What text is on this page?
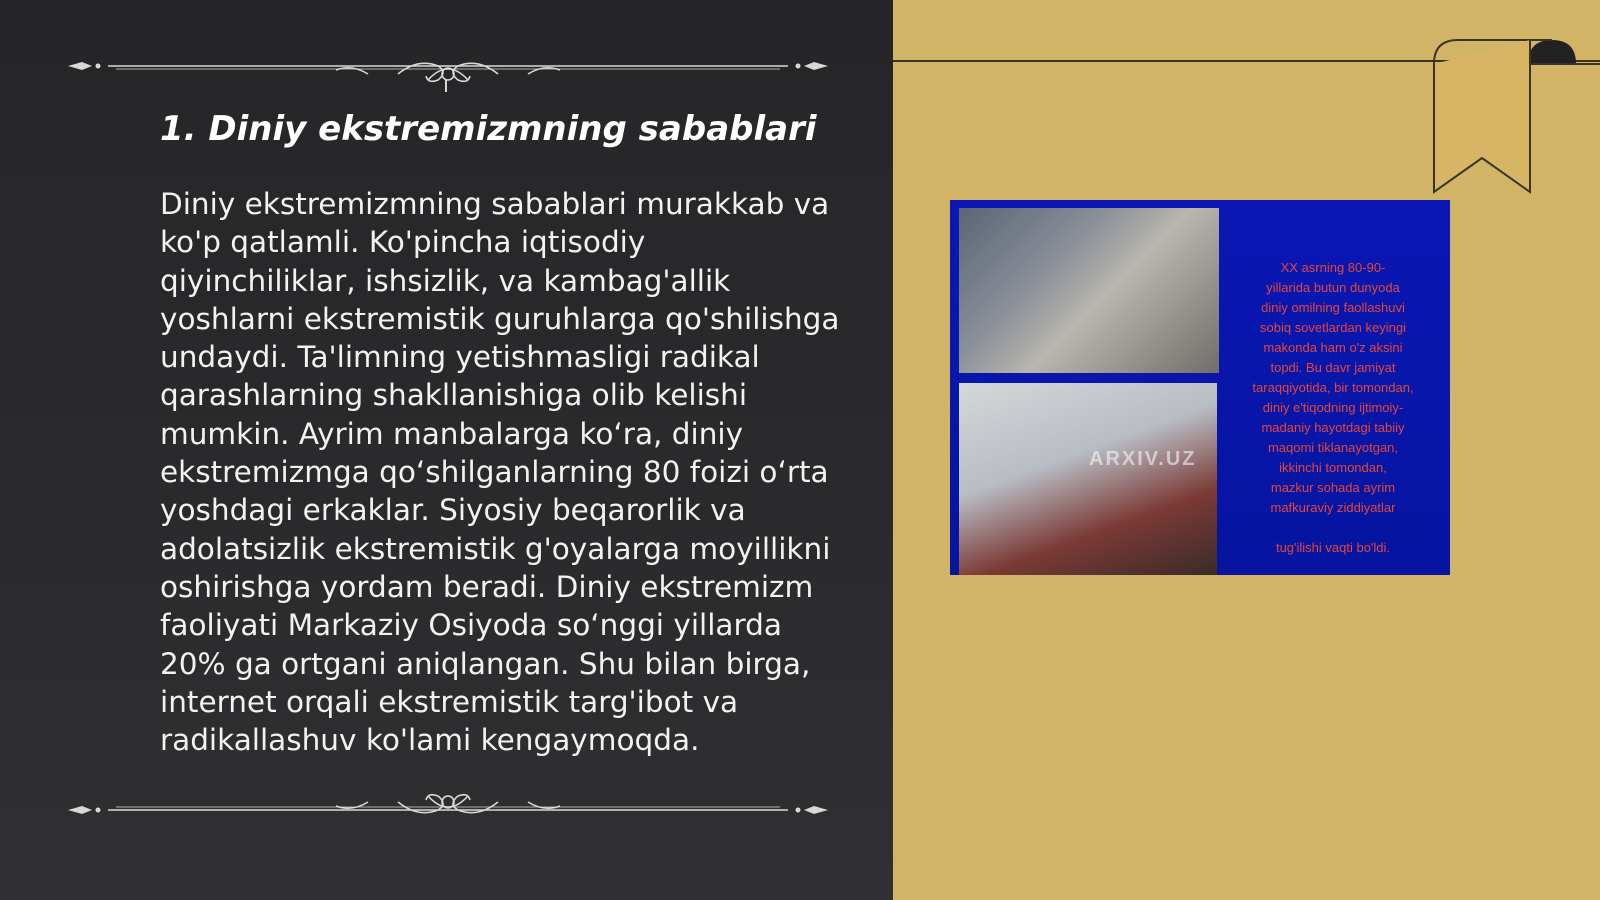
1. Diniy ekstremizmning sabablari

Diniy ekstremizmning sabablari murakkab va ko'p qatlamli. Ko'pincha iqtisodiy qiyinchiliklar, ishsizlik, va kambag'allik yoshlarni ekstremistik guruhlarga qo'shilishga undaydi. Ta'limning yetishmasligi radikal qarashlarning shakllanishiga olib kelishi mumkin. Ayrim manbalarga ko‘ra, diniy ekstremizmga qo‘shilganlarning 80 foizi o‘rta yoshdagi erkaklar. Siyosiy beqarorlik va adolatsizlik ekstremistik g'oyalarga moyillikni oshirishga yordam beradi. Diniy ekstremizm faoliyati Markaziy Osiyoda so‘nggi yillarda 20% ga ortgani aniqlangan. Shu bilan birga, internet orqali ekstremistik targ'ibot va radikallashuv ko'lami kengaymoqda.

ARXIV.UZ

XX asrning 80-90-
yillarida butun dunyoda
diniy omilning faollashuvi
sobiq sovetlardan keyingi
makonda ham o'z aksini
topdi. Bu davr jamiyat
taraqqiyotida, bir tomondan,
diniy e'tiqodning ijtimoiy-
madaniy hayotdagi tabiiy
maqomi tiklanayotgan,
ikkinchi tomondan,
mazkur sohada ayrim
mafkuraviy ziddiyatlar

tug'ilishi vaqti bo'ldi.
